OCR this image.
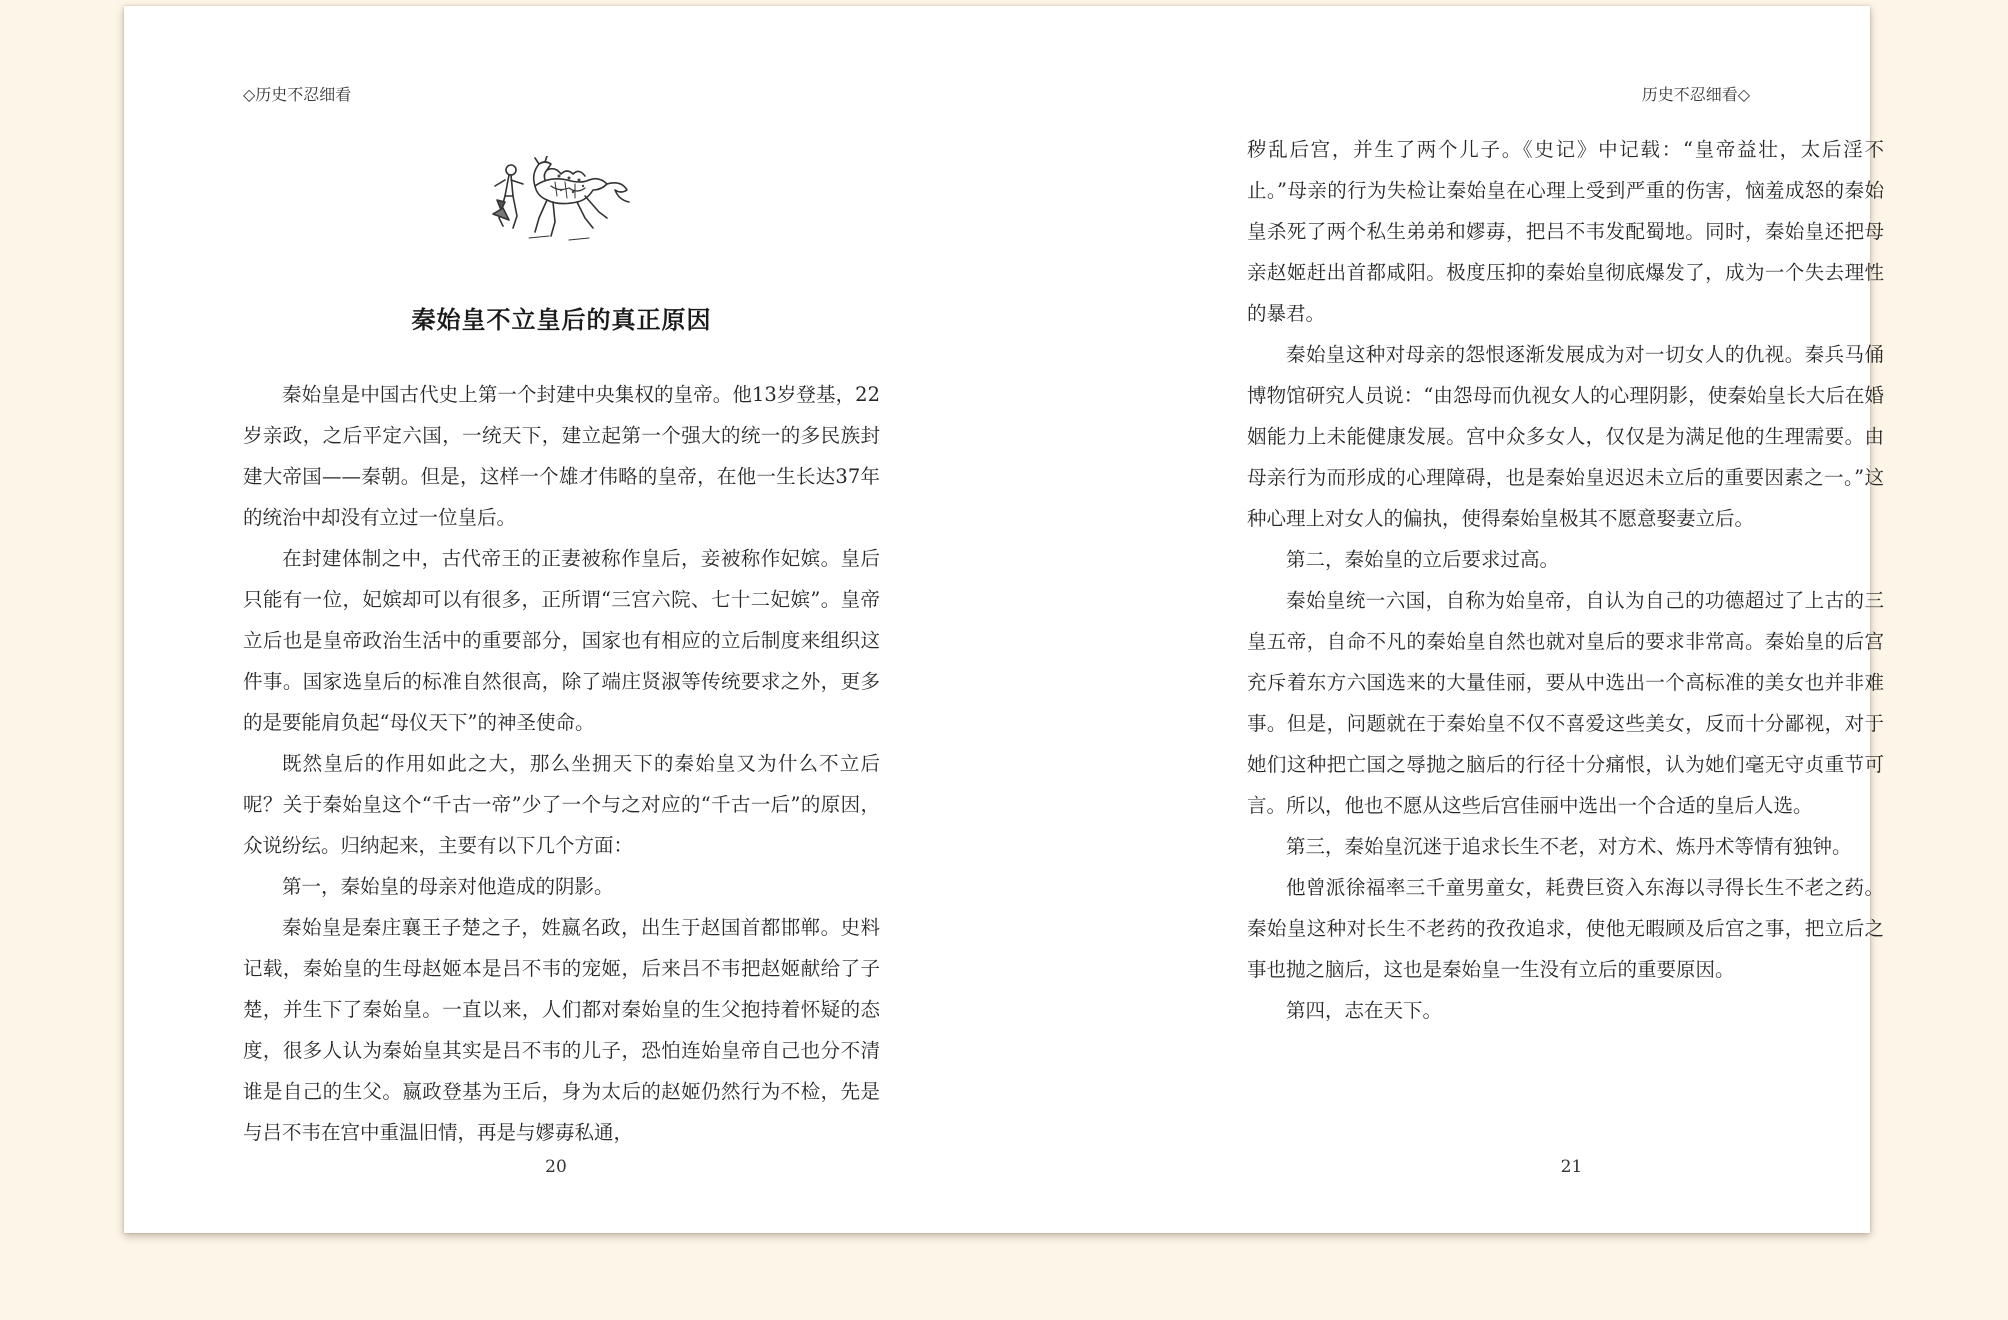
◇历史不忍细看
秦始皇不立皇后的真正原因

秦始皇是中国古代史上第一个封建中央集权的皇帝。他13岁登基，22岁亲政，之后平定六国，一统天下，建立起第一个强大的统一的多民族封建大帝国——秦朝。但是，这样一个雄才伟略的皇帝，在他一生长达37年的统治中却没有立过一位皇后。

在封建体制之中，古代帝王的正妻被称作皇后，妾被称作妃嫔。皇后只能有一位，妃嫔却可以有很多，正所谓“三宫六院、七十二妃嫔”。皇帝立后也是皇帝政治生活中的重要部分，国家也有相应的立后制度来组织这件事。国家选皇后的标准自然很高，除了端庄贤淑等传统要求之外，更多的是要能肩负起“母仪天下”的神圣使命。

既然皇后的作用如此之大，那么坐拥天下的秦始皇又为什么不立后呢？关于秦始皇这个“千古一帝”少了一个与之对应的“千古一后”的原因，众说纷纭。归纳起来，主要有以下几个方面：

第一，秦始皇的母亲对他造成的阴影。

秦始皇是秦庄襄王子楚之子，姓嬴名政，出生于赵国首都邯郸。史料记载，秦始皇的生母赵姬本是吕不韦的宠姬，后来吕不韦把赵姬献给了子楚，并生下了秦始皇。一直以来，人们都对秦始皇的生父抱持着怀疑的态度，很多人认为秦始皇其实是吕不韦的儿子，恐怕连始皇帝自己也分不清谁是自己的生父。嬴政登基为王后，身为太后的赵姬仍然行为不检，先是与吕不韦在宫中重温旧情，再是与嫪毐私通，

20
历史不忍细看◇

秽乱后宫，并生了两个儿子。《史记》中记载：“皇帝益壮，太后淫不止。”母亲的行为失检让秦始皇在心理上受到严重的伤害，恼羞成怒的秦始皇杀死了两个私生弟弟和嫪毐，把吕不韦发配蜀地。同时，秦始皇还把母亲赵姬赶出首都咸阳。极度压抑的秦始皇彻底爆发了，成为一个失去理性的暴君。

秦始皇这种对母亲的怨恨逐渐发展成为对一切女人的仇视。秦兵马俑博物馆研究人员说：“由怨母而仇视女人的心理阴影，使秦始皇长大后在婚姻能力上未能健康发展。宫中众多女人，仅仅是为满足他的生理需要。由母亲行为而形成的心理障碍，也是秦始皇迟迟未立后的重要因素之一。”这种心理上对女人的偏执，使得秦始皇极其不愿意娶妻立后。

第二，秦始皇的立后要求过高。

秦始皇统一六国，自称为始皇帝，自认为自己的功德超过了上古的三皇五帝，自命不凡的秦始皇自然也就对皇后的要求非常高。秦始皇的后宫充斥着东方六国选来的大量佳丽，要从中选出一个高标准的美女也并非难事。但是，问题就在于秦始皇不仅不喜爱这些美女，反而十分鄙视，对于她们这种把亡国之辱抛之脑后的行径十分痛恨，认为她们毫无守贞重节可言。所以，他也不愿从这些后宫佳丽中选出一个合适的皇后人选。

第三，秦始皇沉迷于追求长生不老，对方术、炼丹术等情有独钟。

他曾派徐福率三千童男童女，耗费巨资入东海以寻得长生不老之药。秦始皇这种对长生不老药的孜孜追求，使他无暇顾及后宫之事，把立后之事也抛之脑后，这也是秦始皇一生没有立后的重要原因。

第四，志在天下。

21
